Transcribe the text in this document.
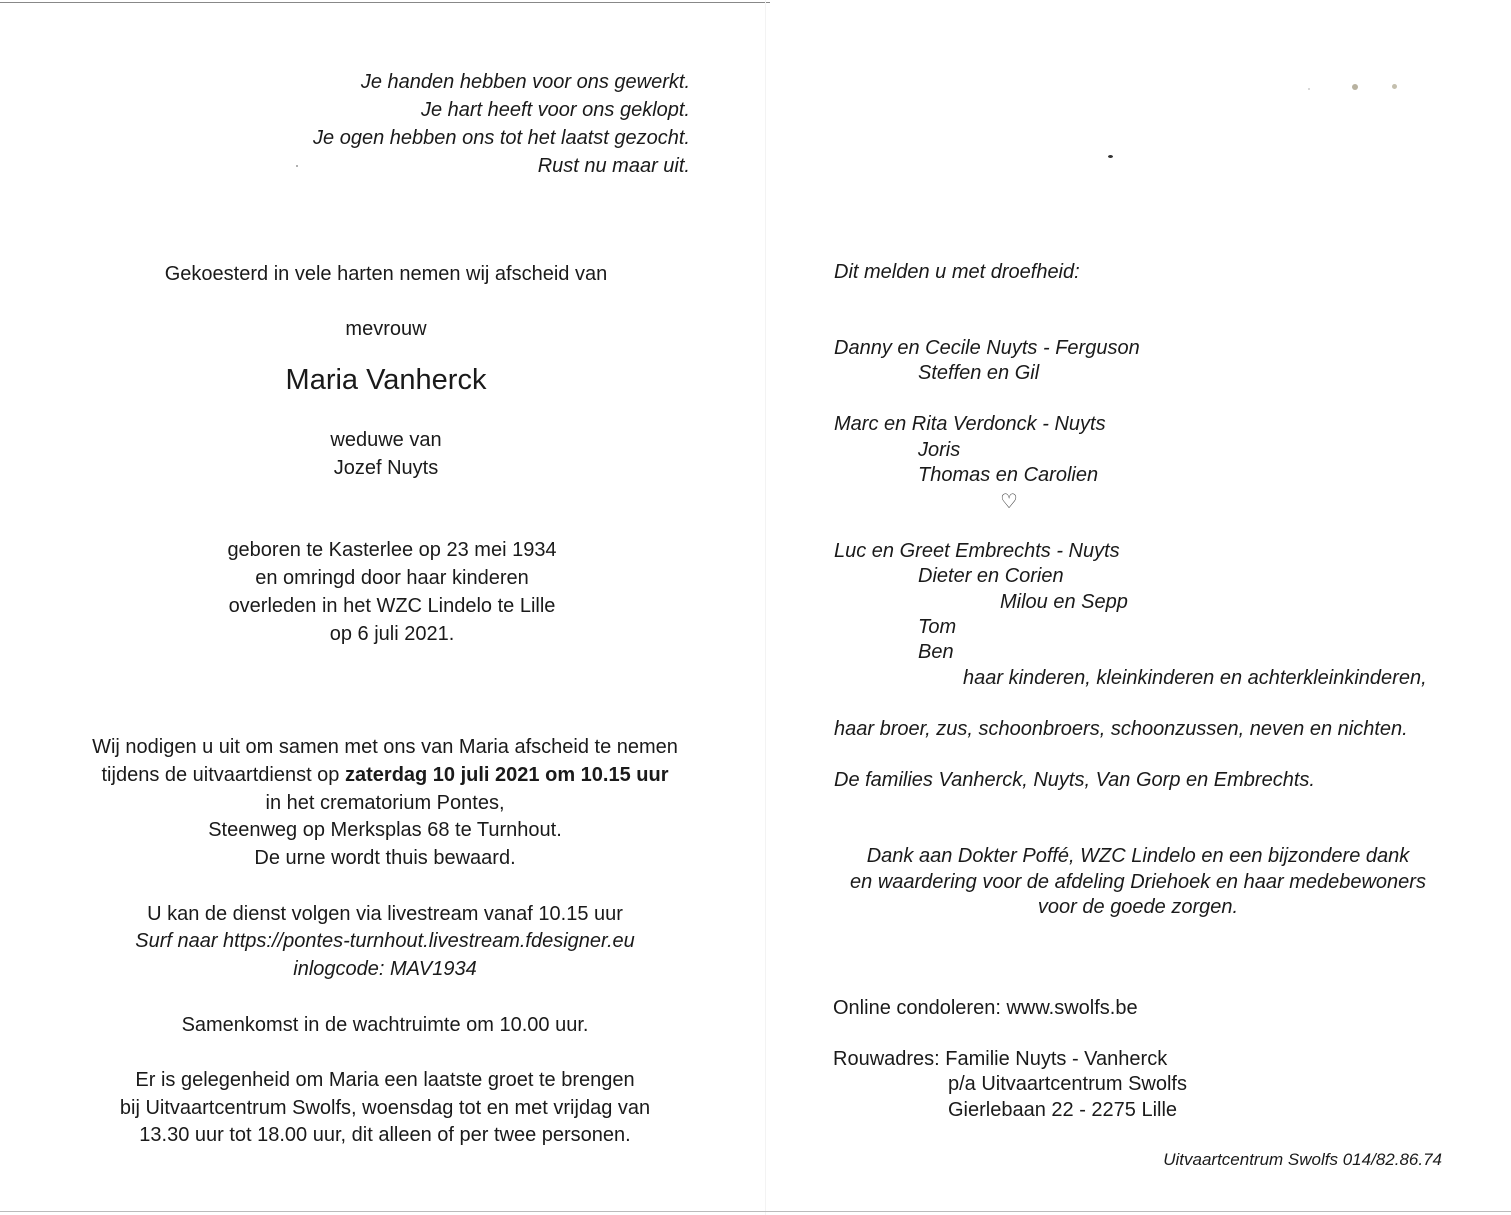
Je handen hebben voor ons gewerkt.
Je hart heeft voor ons geklopt.
Je ogen hebben ons tot het laatst gezocht.
Rust nu maar uit.
Gekoesterd in vele harten nemen wij afscheid van
mevrouw
Maria Vanherck
weduwe van
Jozef Nuyts
geboren te Kasterlee op 23 mei 1934
en omringd door haar kinderen
overleden in het WZC Lindelo te Lille
op 6 juli 2021.
Wij nodigen u uit om samen met ons van Maria afscheid te nemen
tijdens de uitvaartdienst op zaterdag 10 juli 2021 om 10.15 uur
in het crematorium Pontes,
Steenweg op Merksplas 68 te Turnhout.
De urne wordt thuis bewaard.
U kan de dienst volgen via livestream vanaf 10.15 uur
Surf naar https://pontes-turnhout.livestream.fdesigner.eu
inlogcode: MAV1934
Samenkomst in de wachtruimte om 10.00 uur.
Er is gelegenheid om Maria een laatste groet te brengen
bij Uitvaartcentrum Swolfs, woensdag tot en met vrijdag van
13.30 uur tot 18.00 uur, dit alleen of per twee personen.
Dit melden u met droefheid:
Danny en Cecile Nuyts - Ferguson
Steffen en Gil
Marc en Rita Verdonck - Nuyts
Joris
Thomas en Carolien
♡
Luc en Greet Embrechts - Nuyts
Dieter en Corien
Milou en Sepp
Tom
Ben
haar kinderen, kleinkinderen en achterkleinkinderen,
haar broer, zus, schoonbroers, schoonzussen, neven en nichten.
De families Vanherck, Nuyts, Van Gorp en Embrechts.
Dank aan Dokter Poffé, WZC Lindelo en een bijzondere dank
en waardering voor de afdeling Driehoek en haar medebewoners
voor de goede zorgen.
Online condoleren: www.swolfs.be
Rouwadres: Familie Nuyts - Vanherck
p/a Uitvaartcentrum Swolfs
Gierlebaan 22 - 2275 Lille
Uitvaartcentrum Swolfs 014/82.86.74
